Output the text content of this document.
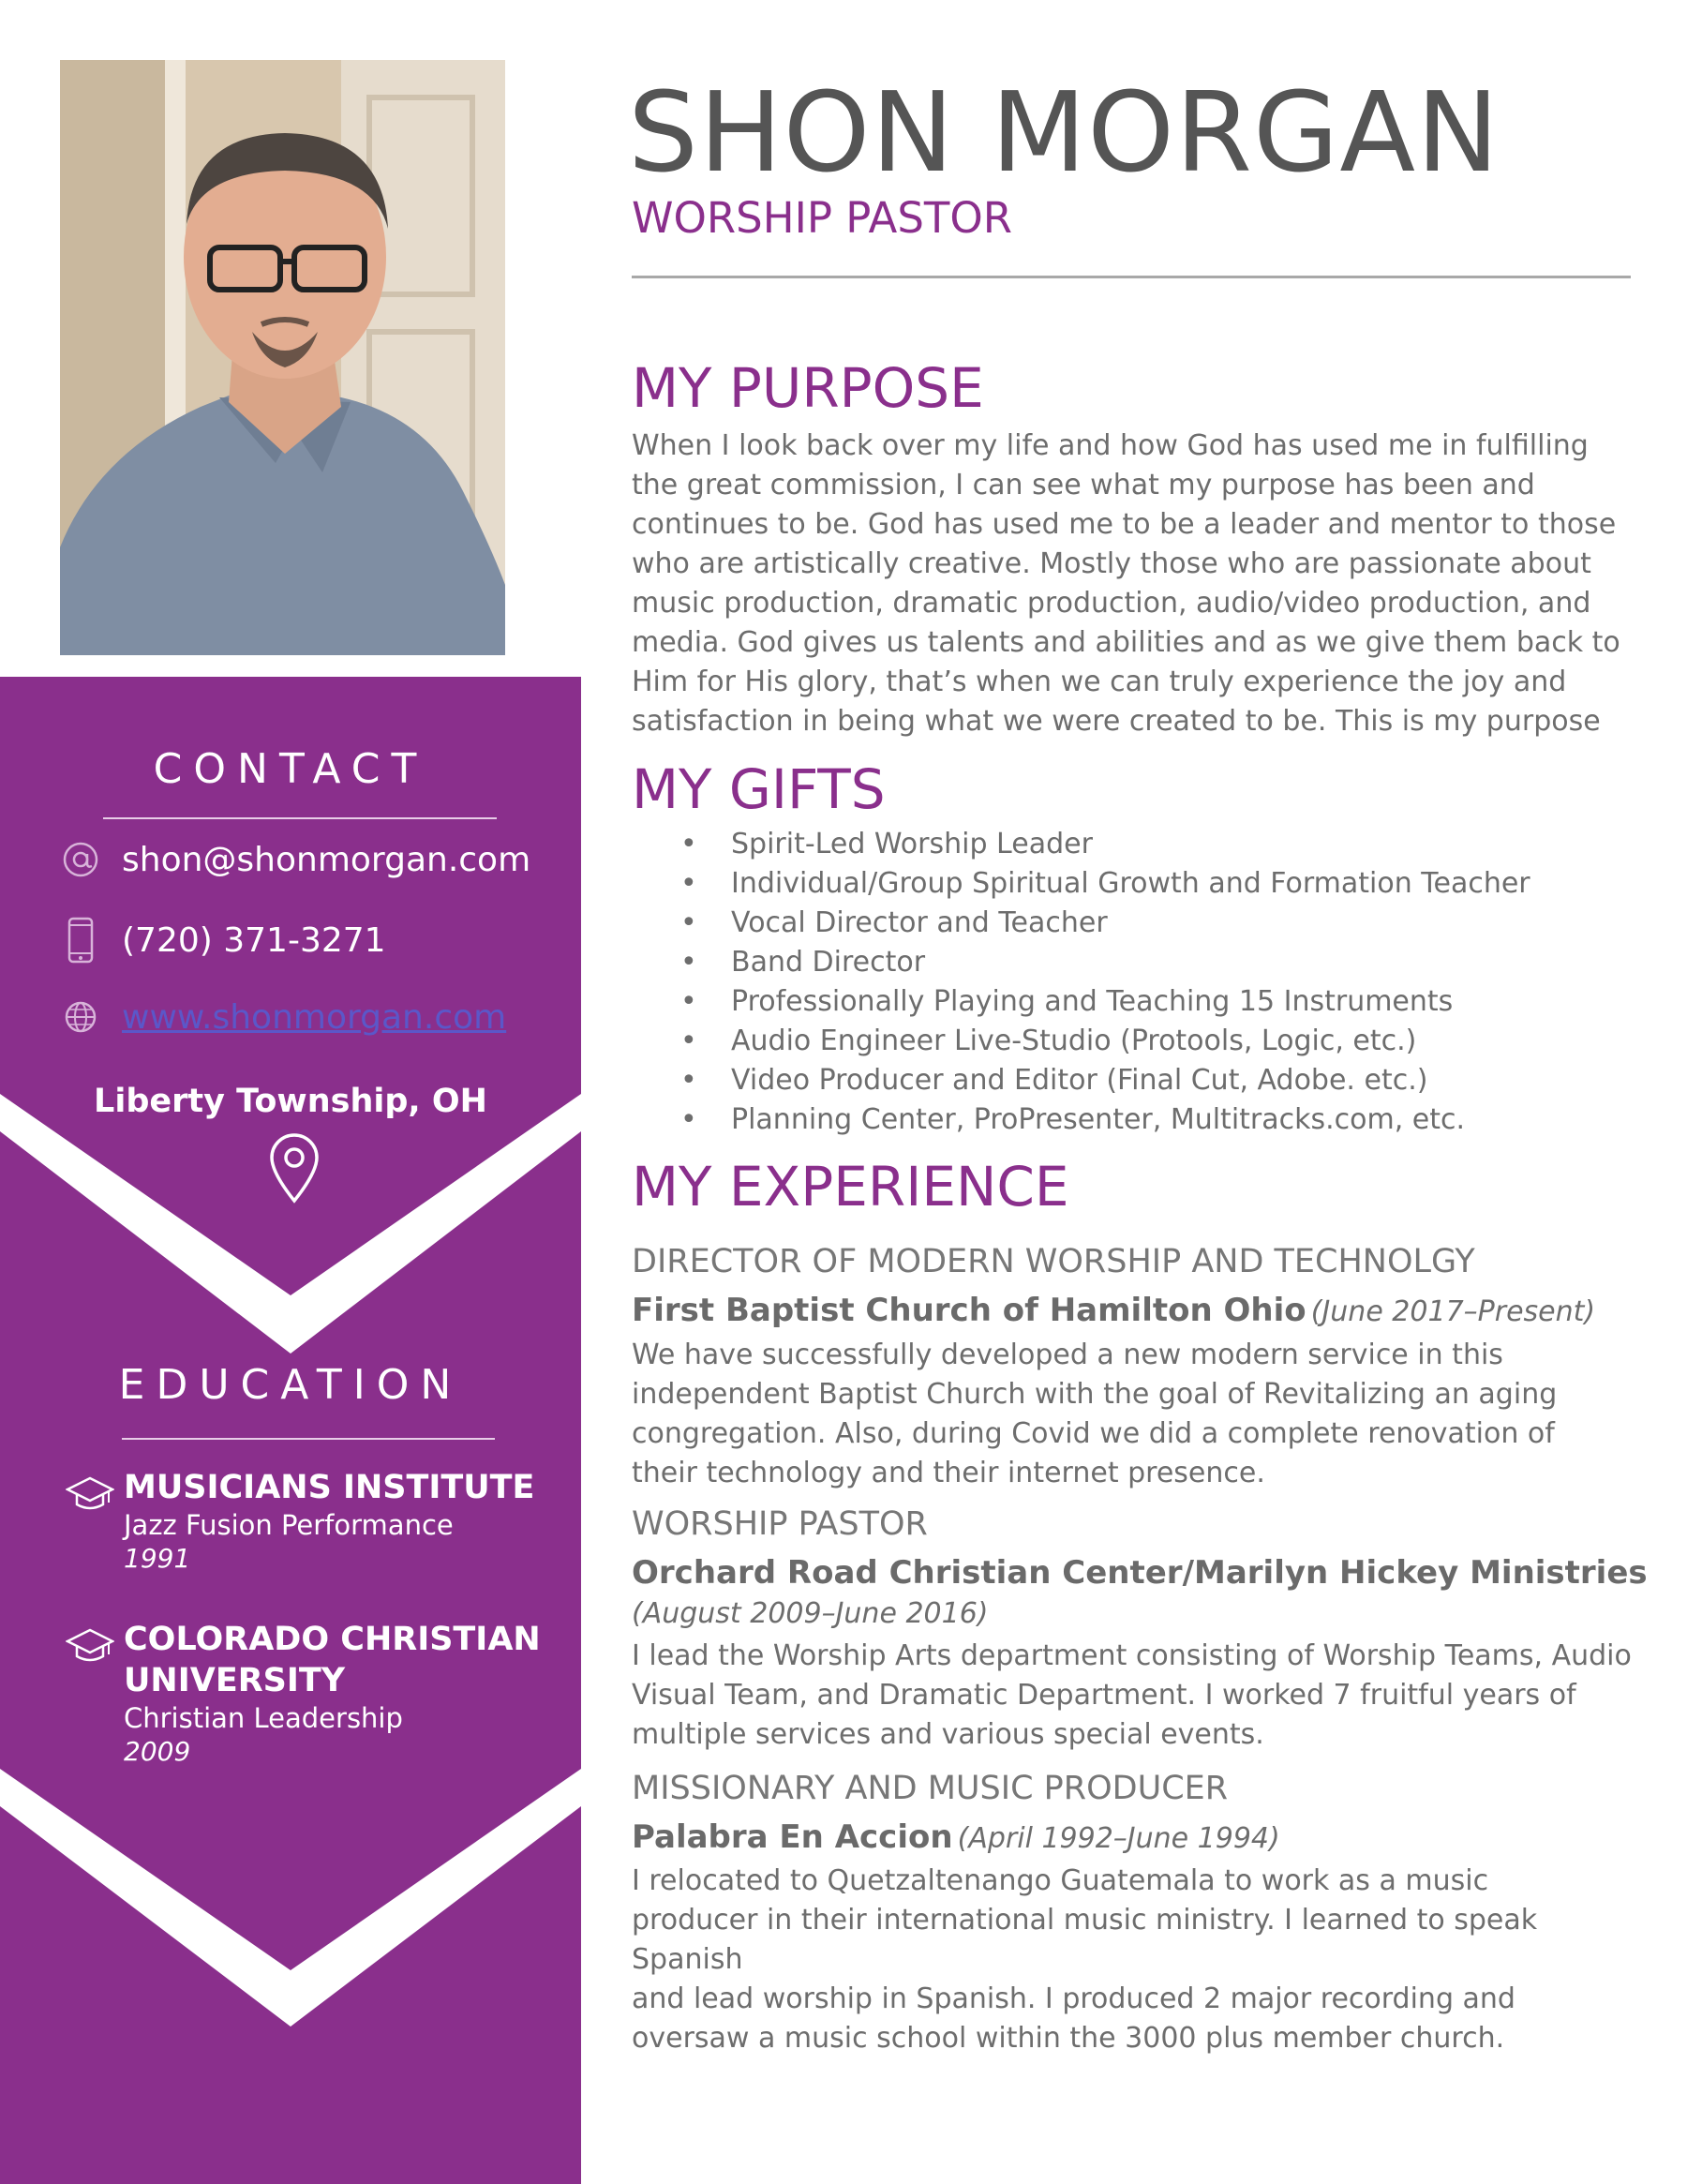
CONTACT
shon@shonmorgan.com
(720) 371-3271
www.shonmorgan.com
Liberty Township, OH
EDUCATION
MUSICIANS INSTITUTE
Jazz Fusion Performance
1991
COLORADO CHRISTIAN
UNIVERSITY
Christian Leadership
2009
SHON MORGAN
WORSHIP PASTOR
MY PURPOSE
When I look back over my life and how God has used me in fulfilling
the great commission, I can see what my purpose has been and
continues to be. God has used me to be a leader and mentor to those
who are artistically creative. Mostly those who are passionate about
music production, dramatic production, audio/video production, and
media. God gives us talents and abilities and as we give them back to
Him for His glory, that’s when we can truly experience the joy and
satisfaction in being what we were created to be. This is my purpose
MY GIFTS
• Spirit-Led Worship Leader
• Individual/Group Spiritual Growth and Formation Teacher
• Vocal Director and Teacher
• Band Director
• Professionally Playing and Teaching 15 Instruments
• Audio Engineer Live-Studio (Protools, Logic, etc.)
• Video Producer and Editor (Final Cut, Adobe. etc.)
• Planning Center, ProPresenter, Multitracks.com, etc.
MY EXPERIENCE
DIRECTOR OF MODERN WORSHIP AND TECHNOLGY
First Baptist Church of Hamilton Ohio (June 2017–Present)
We have successfully developed a new modern service in this
independent Baptist Church with the goal of Revitalizing an aging
congregation. Also, during Covid we did a complete renovation of
their technology and their internet presence.
WORSHIP PASTOR
Orchard Road Christian Center/Marilyn Hickey Ministries
(August 2009–June 2016)
I lead the Worship Arts department consisting of Worship Teams, Audio
Visual Team, and Dramatic Department. I worked 7 fruitful years of
multiple services and various special events.
MISSIONARY AND MUSIC PRODUCER
Palabra En Accion (April 1992–June 1994)
I relocated to Quetzaltenango Guatemala to work as a music
producer in their international music ministry. I learned to speak Spanish
and lead worship in Spanish. I produced 2 major recording and
oversaw a music school within the 3000 plus member church.
